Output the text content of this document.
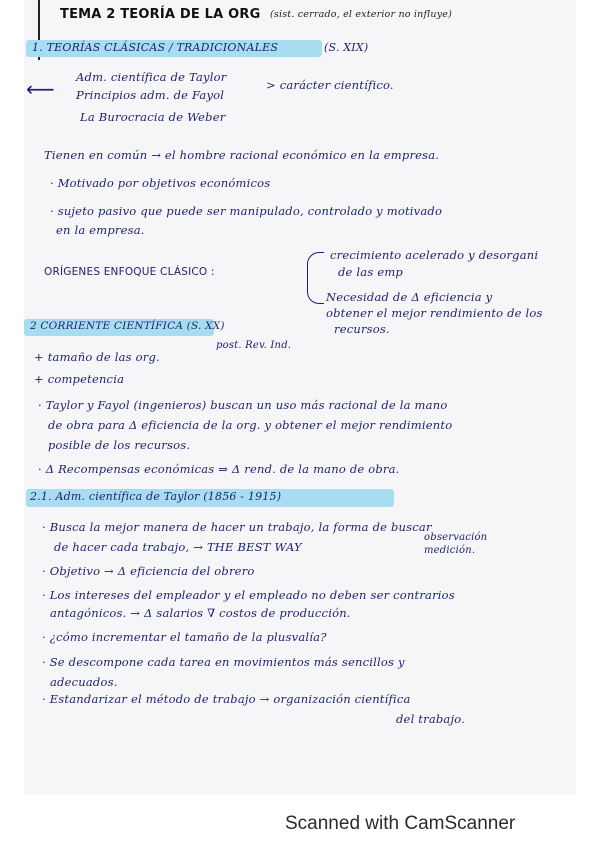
TEMA 2 TEORÍA DE LA ORG (sist. cerrado, el exterior no influye)
1. TEORÍAS CLÁSICAS / TRADICIONALES	(S. XIX)
⟵ Adm. científica de Taylor
Principios adm. de Fayol
La Burocracia de Weber
> carácter científico.
Tienen en común → el hombre racional económico en la empresa.
· Motivado por objetivos económicos
· sujeto pasivo que puede ser manipulado, controlado y motivado
en la empresa.
ORÍGENES ENFOQUE CLÁSICO :
crecimiento acelerado y desorgani
de las emp
Necesidad de Δ eficiencia y
obtener el mejor rendimiento de los
recursos.
2 CORRIENTE CIENTÍFICA (S. XX)
post. Rev. Ind.
+ tamaño de las org.
+ competencia
· Taylor y Fayol (ingenieros) buscan un uso más racional de la mano
de obra para Δ eficiencia de la org. y obtener el mejor rendimiento
posible de los recursos.
· Δ Recompensas económicas ⇒ Δ rend. de la mano de obra.
2.1. Adm. científica de Taylor (1856 - 1915)
· Busca la mejor manera de hacer un trabajo, la forma de buscar
de hacer cada trabajo, → THE BEST WAY
observación
medición.
· Objetivo → Δ eficiencia del obrero
· Los intereses del empleador y el empleado no deben ser contrarios
antagónicos. → Δ salarios ∇ costos de producción.
· ¿cómo incrementar el tamaño de la plusvalía?
· Se descompone cada tarea en movimientos más sencillos y
adecuados.
· Estandarizar el método de trabajo → organización científica
del trabajo.
Scanned with CamScanner
